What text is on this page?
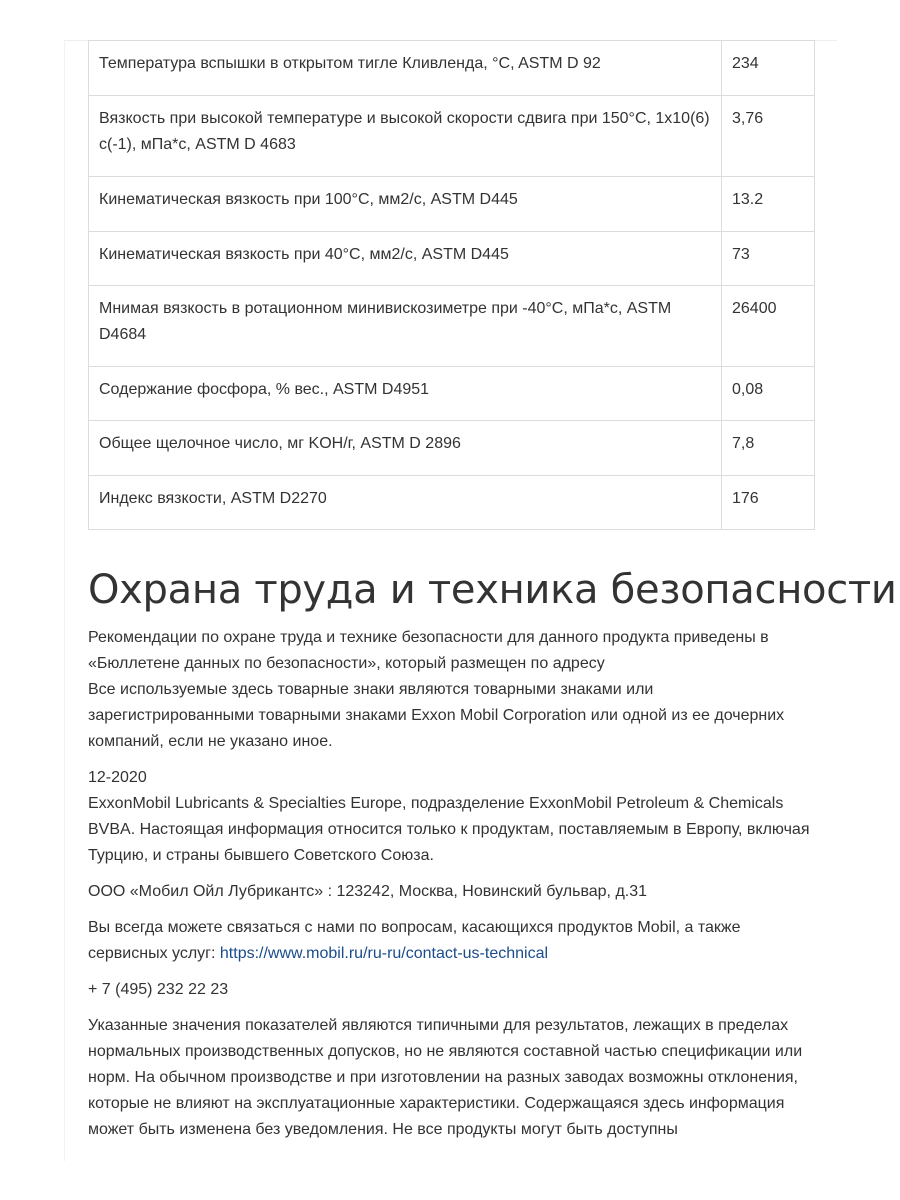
Температура вспышки в открытом тигле Кливленда, °C, ASTM D 92	234
Вязкость при высокой температуре и высокой скорости сдвига при 150°C, 1x10(6) с(-1), мПа*с, ASTM D 4683	3,76
Кинематическая вязкость при 100°C, мм2/с, ASTM D445	13.2
Кинематическая вязкость при 40°C, мм2/с, ASTM D445	73
Мнимая вязкость в ротационном минивискозиметре при -40°C, мПа*с, ASTM D4684	26400
Содержание фосфора, % вес., ASTM D4951	0,08
Общее щелочное число, мг KOH/г, ASTM D 2896	7,8
Индекс вязкости, ASTM D2270	176
Охрана труда и техника безопасности

Рекомендации по охране труда и технике безопасности для данного продукта приведены в «Бюллетене данных по безопасности», который размещен по адресу
Все используемые здесь товарные знаки являются товарными знаками или зарегистрированными товарными знаками Exxon Mobil Corporation или одной из ее дочерних компаний, если не указано иное.

12-2020
ExxonMobil Lubricants & Specialties Europe, подразделение ExxonMobil Petroleum & Chemicals BVBA. Настоящая информация относится только к продуктам, поставляемым в Европу, включая Турцию, и страны бывшего Советского Союза.

ООО «Мобил Ойл Лубрикантс» : 123242, Москва, Новинский бульвар, д.31

Вы всегда можете связаться с нами по вопросам, касающихся продуктов Mobil, а также сервисных услуг: https://www.mobil.ru/ru-ru/contact-us-technical

+ 7 (495) 232 22 23

Указанные значения показателей являются типичными для результатов, лежащих в пределах нормальных производственных допусков, но не являются составной частью спецификации или норм. На обычном производстве и при изготовлении на разных заводах возможны отклонения, которые не влияют на эксплуатационные характеристики. Содержащаяся здесь информация может быть изменена без уведомления. Не все продукты могут быть доступны
